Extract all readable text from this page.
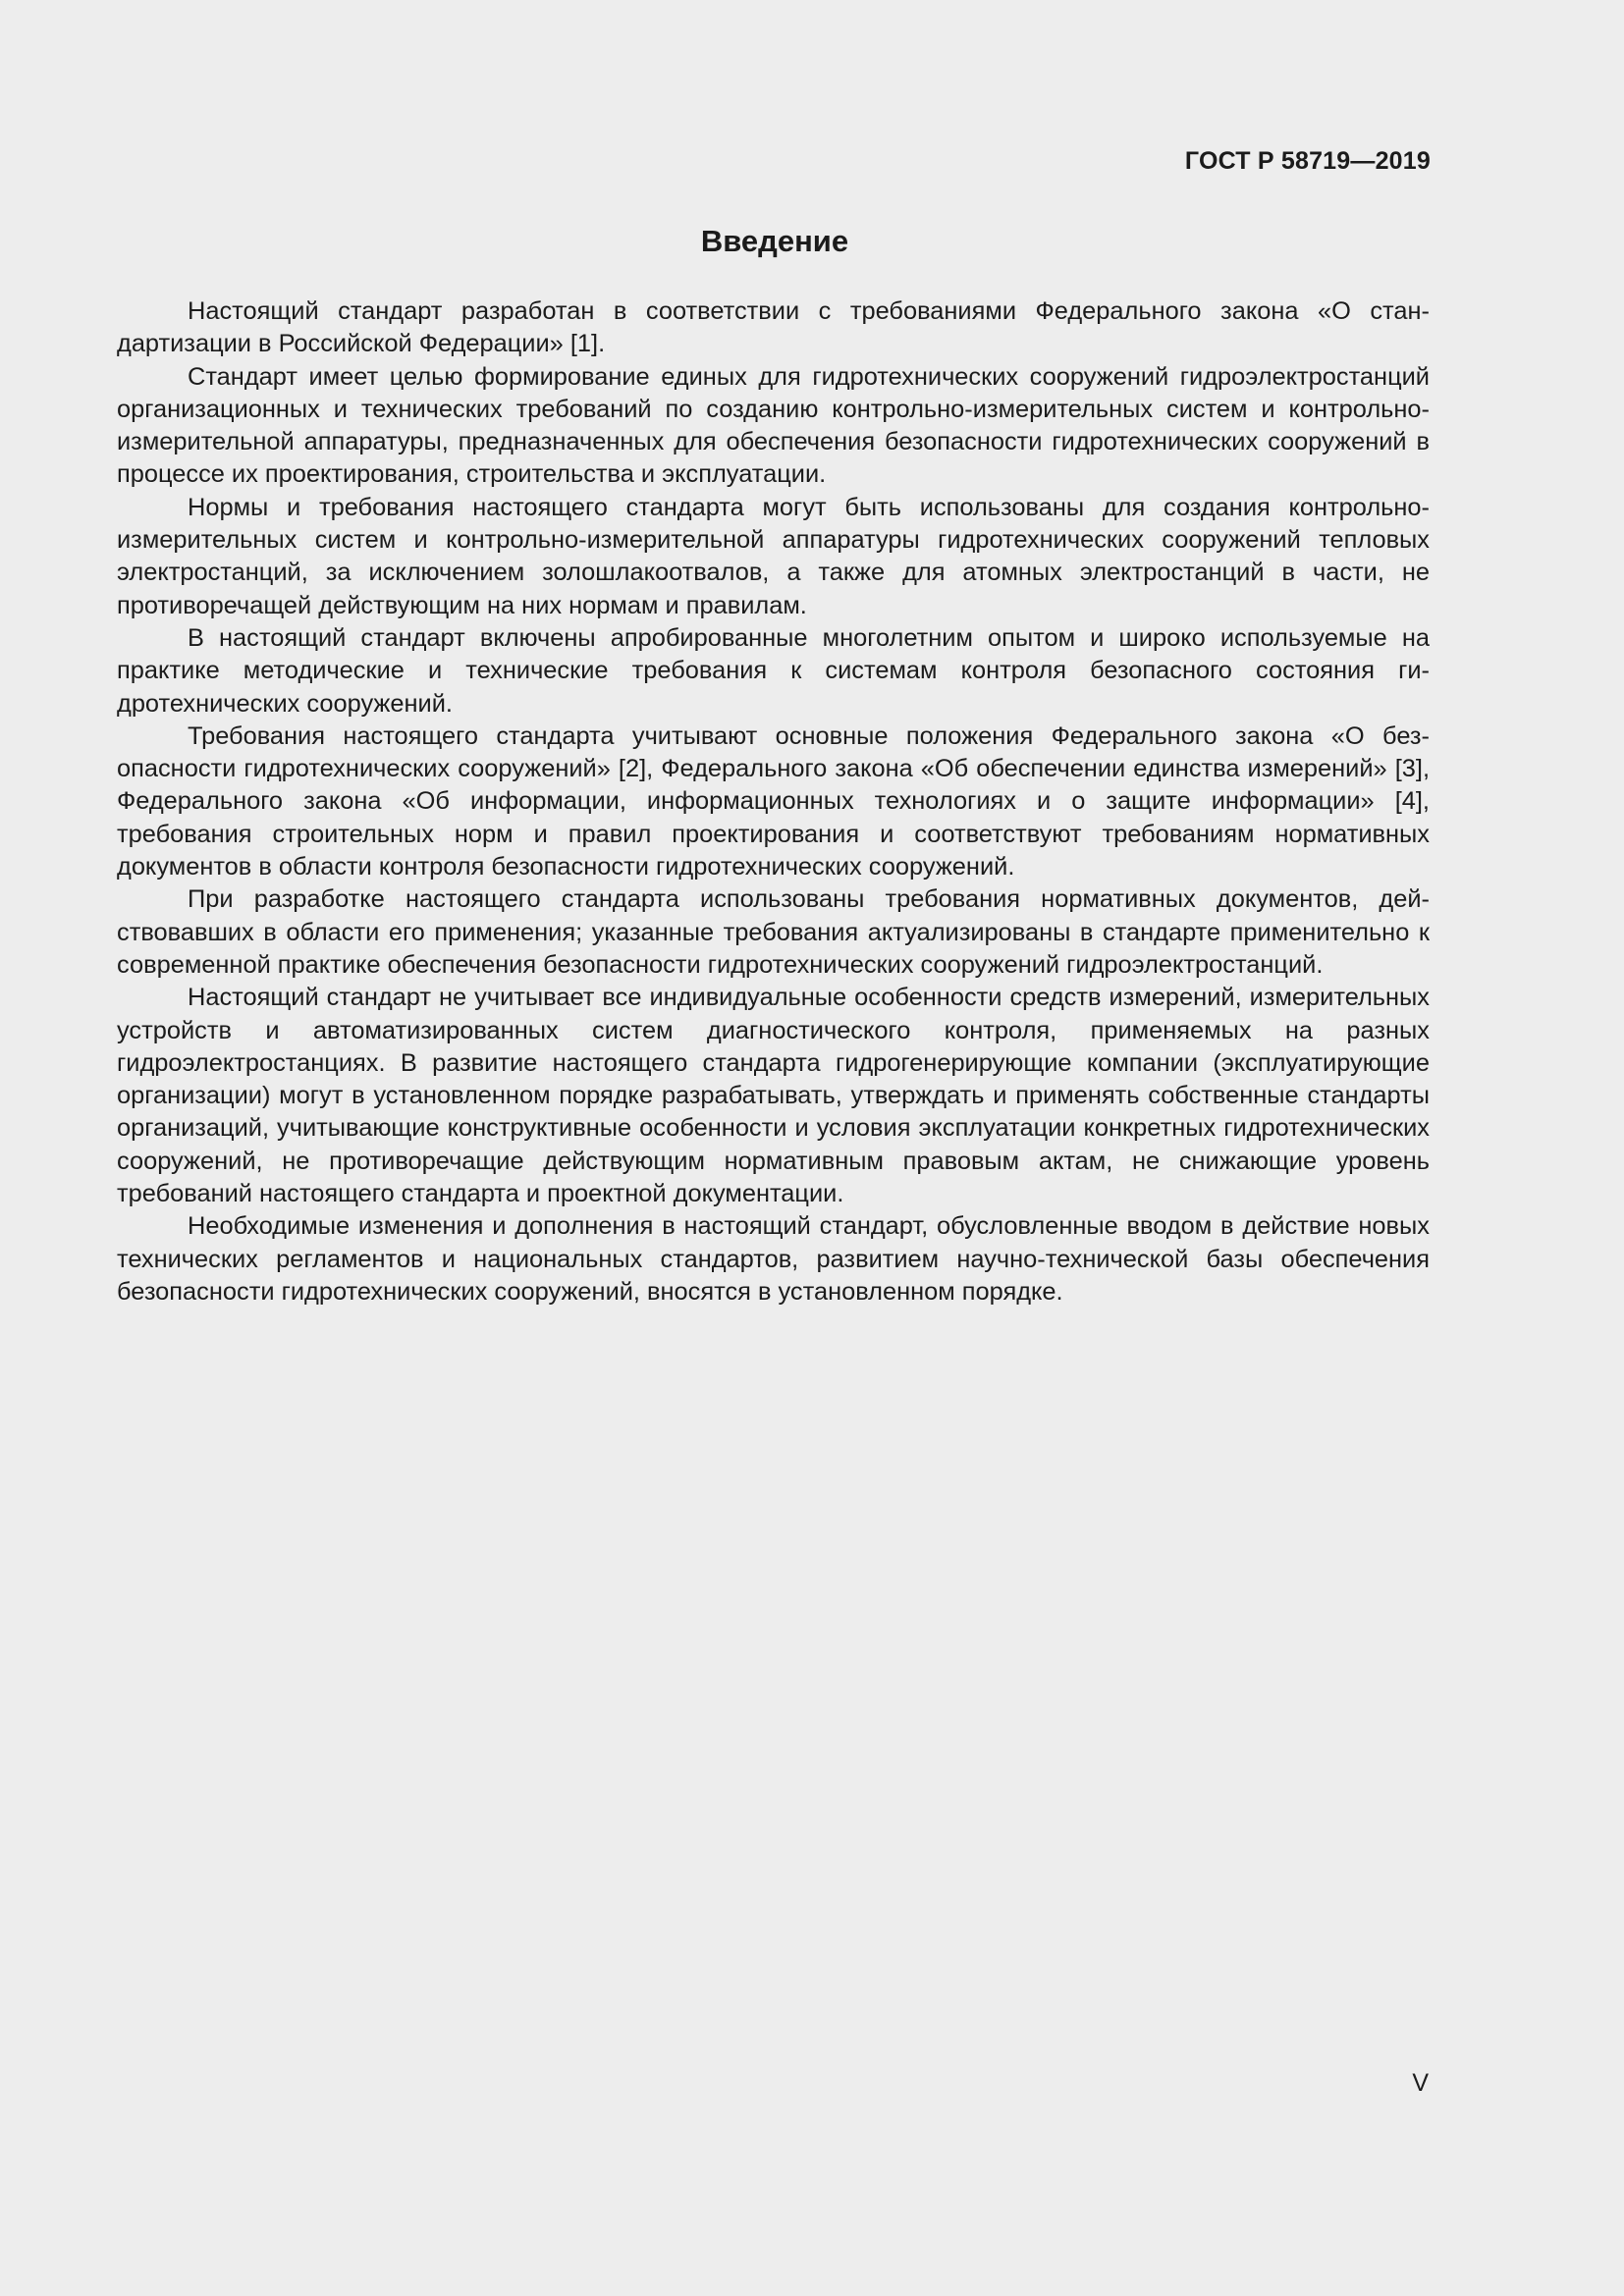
ГОСТ Р 58719—2019

Введение

Настоящий стандарт разработан в соответствии с требованиями Федерального закона «О стандартизации в Российской Федерации» [1].

Стандарт имеет целью формирование единых для гидротехнических сооружений гидроэлектростанций организационных и технических требований по созданию контрольно-измерительных систем и контрольно-измерительной аппаратуры, предназначенных для обеспечения безопасности гидротехнических сооружений в процессе их проектирования, строительства и эксплуатации.

Нормы и требования настоящего стандарта могут быть использованы для создания контрольно-измерительных систем и контрольно-измерительной аппаратуры гидротехнических сооружений тепловых электростанций, за исключением золошлакоотвалов, а также для атомных электростанций в части, не противоречащей действующим на них нормам и правилам.

В настоящий стандарт включены апробированные многолетним опытом и широко используемые на практике методические и технические требования к системам контроля безопасного состояния гидротехнических сооружений.

Требования настоящего стандарта учитывают основные положения Федерального закона «О безопасности гидротехнических сооружений» [2], Федерального закона «Об обеспечении единства измерений» [3], Федерального закона «Об информации, информационных технологиях и о защите информации» [4], требования строительных норм и правил проектирования и соответствуют требованиям нормативных документов в области контроля безопасности гидротехнических сооружений.

При разработке настоящего стандарта использованы требования нормативных документов, действовавших в области его применения; указанные требования актуализированы в стандарте применительно к современной практике обеспечения безопасности гидротехнических сооружений гидроэлектростанций.

Настоящий стандарт не учитывает все индивидуальные особенности средств измерений, измерительных устройств и автоматизированных систем диагностического контроля, применяемых на разных гидроэлектростанциях. В развитие настоящего стандарта гидрогенерирующие компании (эксплуатирующие организации) могут в установленном порядке разрабатывать, утверждать и применять собственные стандарты организаций, учитывающие конструктивные особенности и условия эксплуатации конкретных гидротехнических сооружений, не противоречащие действующим нормативным правовым актам, не снижающие уровень требований настоящего стандарта и проектной документации.

Необходимые изменения и дополнения в настоящий стандарт, обусловленные вводом в действие новых технических регламентов и национальных стандартов, развитием научно-технической базы обеспечения безопасности гидротехнических сооружений, вносятся в установленном порядке.

V
